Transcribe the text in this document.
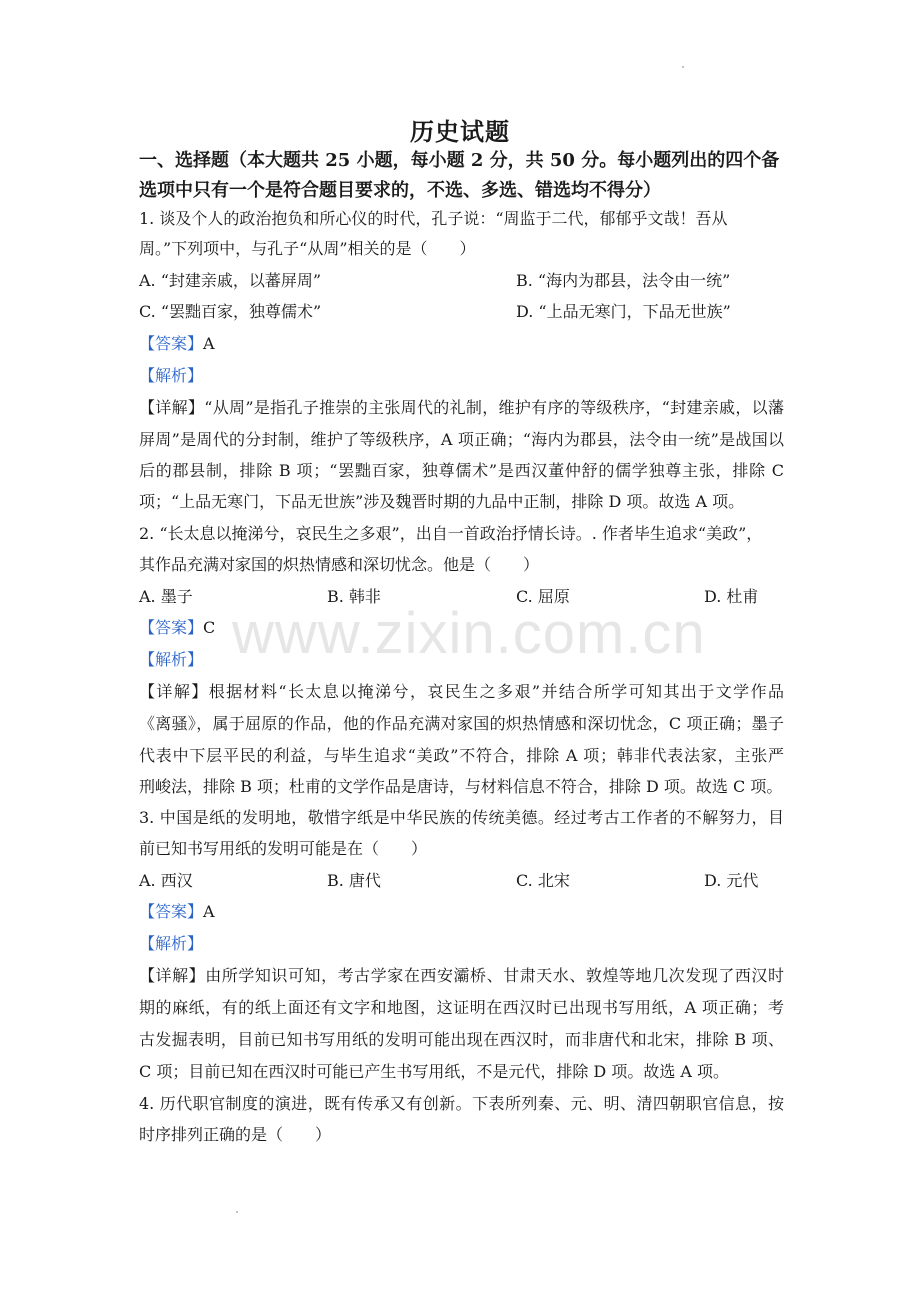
历史试题
一、选择题（本大题共 25 小题，每小题 2 分，共 50 分。每小题列出的四个备
选项中只有一个是符合题目要求的，不选、多选、错选均不得分）
1. 谈及个人的政治抱负和所心仪的时代，孔子说：“周监于二代，郁郁乎文哉！吾从
周。”下列项中，与孔子“从周”相关的是（　　）
A. “封建亲戚，以蕃屏周”	B. “海内为郡县，法令由一统”
C. “罢黜百家，独尊儒术”	D. “上品无寒门，下品无世族”
【答案】A
【解析】
【详解】“从周”是指孔子推崇的主张周代的礼制，维护有序的等级秩序，“封建亲戚，以藩
屏周”是周代的分封制，维护了等级秩序，A 项正确；“海内为郡县，法令由一统”是战国以
后的郡县制，排除 B 项；“罢黜百家，独尊儒术”是西汉董仲舒的儒学独尊主张，排除 C
项；“上品无寒门，下品无世族”涉及魏晋时期的九品中正制，排除 D 项。故选 A 项。
2. “长太息以掩涕兮，哀民生之多艰”，出自一首政治抒情长诗。. 作者毕生追求“美政”，
其作品充满对家国的炽热情感和深切忧念。他是（　　）
A. 墨子	B. 韩非	C. 屈原	D. 杜甫
【答案】C
【解析】
【详解】根据材料“长太息以掩涕兮，哀民生之多艰”并结合所学可知其出于文学作品
《离骚》，属于屈原的作品，他的作品充满对家国的炽热情感和深切忧念，C 项正确；墨子
代表中下层平民的利益，与毕生追求“美政”不符合，排除 A 项；韩非代表法家，主张严
刑峻法，排除 B 项；杜甫的文学作品是唐诗，与材料信息不符合，排除 D 项。故选 C 项。
3. 中国是纸的发明地，敬惜字纸是中华民族的传统美德。经过考古工作者的不解努力，目
前已知书写用纸的发明可能是在（　　）
A. 西汉	B. 唐代	C. 北宋	D. 元代
【答案】A
【解析】
【详解】由所学知识可知，考古学家在西安灞桥、甘肃天水、敦煌等地几次发现了西汉时
期的麻纸，有的纸上面还有文字和地图，这证明在西汉时已出现书写用纸，A 项正确；考
古发掘表明，目前已知书写用纸的发明可能出现在西汉时，而非唐代和北宋，排除 B 项、
C 项；目前已知在西汉时可能已产生书写用纸，不是元代，排除 D 项。故选 A 项。
4. 历代职官制度的演进，既有传承又有创新。下表所列秦、元、明、清四朝职官信息，按
时序排列正确的是（　　）
www.zixin.com.cn
